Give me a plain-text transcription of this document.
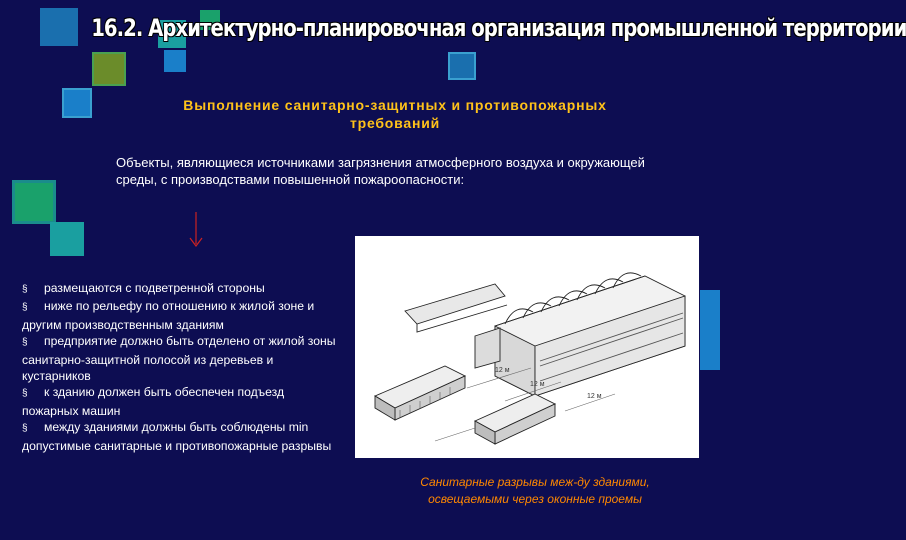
16.2. Архитектурно-планировочная организация промышленной территории
Выполнение санитарно-защитных и противопожарных требований
Объекты, являющиеся источниками загрязнения атмосферного воздуха и окружающей среды, с производствами повышенной пожароопасности:
§ размещаются с подветренной стороны
§ ниже по рельефу по отношению к жилой зоне и другим производственным зданиям
§ предприятие должно быть отделено от жилой зоны санитарно-защитной полосой из деревьев и кустарников
§ к зданию должен быть обеспечен подъезд пожарных машин
§ между зданиями должны быть соблюдены min допустимые санитарные и противопожарные разрывы
12 м
12 м
12 м
Санитарные разрывы меж-ду зданиями, освещаемыми через оконные проемы
